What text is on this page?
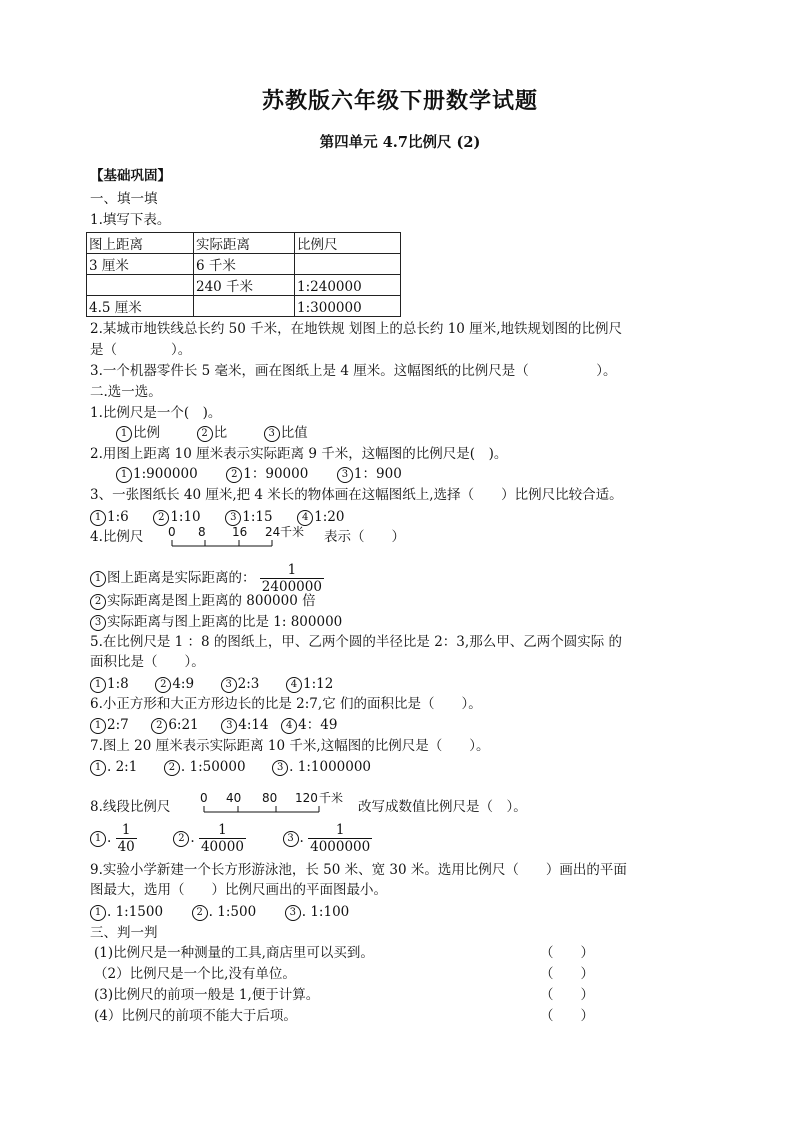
苏教版六年级下册数学试题
第四单元 4.7比例尺 (2)
【基础巩固】
一、填一填
1.填写下表。
图上距离	实际距离	比例尺
3 厘米	6 千米	
	240 千米	1:240000
4.5 厘米		1:300000
2.某城市地铁线总长约 50 千米，在地铁规 划图上的总长约 10 厘米,地铁规划图的比例尺
是（　　　　）。
3.一个机器零件长 5 毫米，画在图纸上是 4 厘米。这幅图纸的比例尺是（　　　　　）。
二.选一选。
1.比例尺是一个(　)。
1 比例	2 比	3 比值
2.用图上距离 10 厘米表示实际距离 9 千米，这幅图的比例尺是(　)。
1 1:900000	2 1：90000	3 1：900
3、一张图纸长 40 厘米,把 4 米长的物体画在这幅图纸上,选择（　　）比例尺比较合适。
1 1:6	2 1:10	3 1:15	4 1:20
4.比例尺 0 8 16 24 千米 表示（　　）
1 图上距离是实际距离的： $\frac{1}{2400000}$
2 实际距离是图上距离的 800000 倍
3 实际距离与图上距离的比是 1: 800000
5.在比例尺是 1 ：8 的图纸上，甲、乙两个圆的半径比是 2：3,那么甲、乙两个圆实际 的
面积比是（　　）。
1 1:8	2 4:9	3 2:3	4 1:12
6.小正方形和大正方形边长的比是 2:7,它 们的面积比是（　　）。
1 2:7	2 6:21	3 4:14 4 4：49
7.图上 20 厘米表示实际距离 10 千米,这幅图的比例尺是（　　）。
1 . 2:1	2 . 1:50000	3 . 1:1000000
8.线段比例尺
0 40 80 120 千米
改写成数值比例尺是（　）。
1 . $\frac{1}{40}$	2 . $\frac{1}{40000}$	3 . $\frac{1}{4000000}$
9.实验小学新建一个长方形游泳池，长 50 米、宽 30 米。选用比例尺（　　）画出的平面
图最大，选用（　　）比例尺画出的平面图最小。
1 . 1:1500	2 . 1:500	3 . 1:100
三、判一判
(1)比例尺是一种测量的工具,商店里可以买到。	（　　）
（2）比例尺是一个比,没有单位。	（　　）
(3)比例尺的前项一般是 1,便于计算。	（　　）
(4）比例尺的前项不能大于后项。	（　　）
